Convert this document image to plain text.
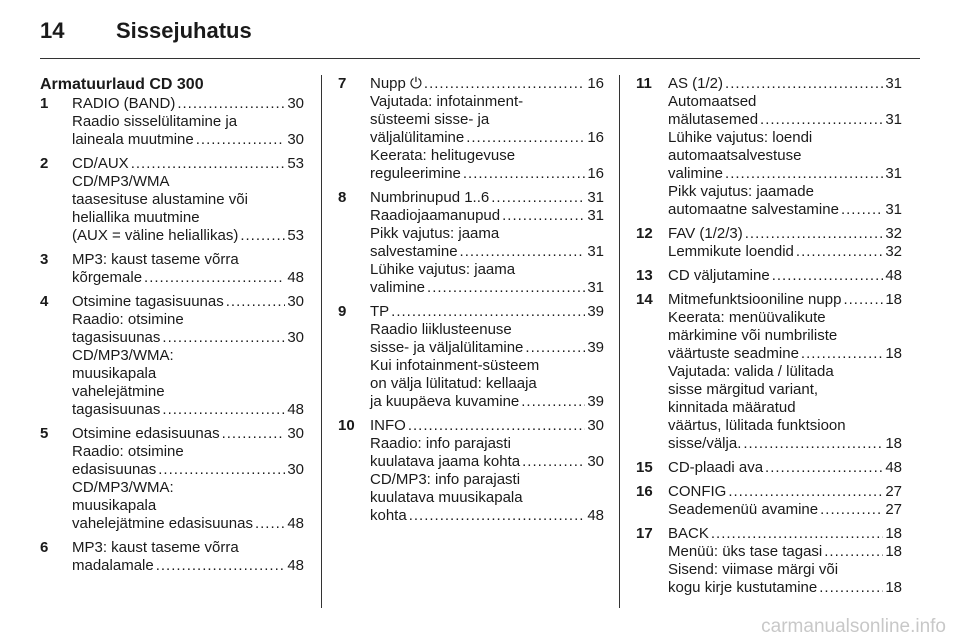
14 Sissejuhatus
Armatuurlaud CD 300
1	RADIO (BAND) .....	30
Raadio sisselülitamine ja
laineala muutmine .....	30
2	CD/AUX .....	53
CD/MP3/WMA
taasesituse alustamine või
heliallika muutmine
(AUX = väline heliallikas) .....	53
3	MP3: kaust taseme võrra
kõrgemale .....	48
4	Otsimine tagasisuunas .....	30
Raadio: otsimine
tagasisuunas .....	30
CD/MP3/WMA:
muusikapala
vahelejätmine
tagasisuunas .....	48
5	Otsimine edasisuunas .....	30
Raadio: otsimine
edasisuunas .....	30
CD/MP3/WMA:
muusikapala
vahelejätmine edasisuunas ..... 48
6	MP3: kaust taseme võrra
madalamale .....	48
7	Nupp ⏻ .....	16
Vajutada: infotainment-
süsteemi sisse- ja
väljalülitamine .....	16
Keerata: helitugevuse
reguleerimine .....	16
8	Numbrinupud 1..6 .....	31
Raadiojaamanupud .....	31
Pikk vajutus: jaama
salvestamine .....	31
Lühike vajutus: jaama
valimine .....	31
9	TP .....	39
Raadio liiklusteenuse
sisse- ja väljalülitamine .....	39
Kui infotainment-süsteem
on välja lülitatud: kellaaja
ja kuupäeva kuvamine .....	39
10	INFO .....	30
Raadio: info parajasti
kuulatava jaama kohta .....	30
CD/MP3: info parajasti
kuulatava muusikapala
kohta .....	48
11	AS (1/2) .....	31
Automaatsed
mälutasemed .....	31
Lühike vajutus: loendi
automaatsalvestuse
valimine .....	31
Pikk vajutus: jaamade
automaatne salvestamine .....	31
12	FAV (1/2/3) .....	32
Lemmikute loendid .....	32
13	CD väljutamine .....	48
14	Mitmefunktsiooniline nupp .....	18
Keerata: menüüvalikute
märkimine või numbriliste
väärtuste seadmine .....	18
Vajutada: valida / lülitada
sisse märgitud variant,
kinnitada määratud
väärtus, lülitada funktsioon
sisse/välja. .....	18
15	CD-plaadi ava .....	48
16	CONFIG .....	27
Seademenüü avamine .....	27
17	BACK .....	18
Menüü: üks tase tagasi .....	18
Sisend: viimase märgi või
kogu kirje kustutamine .....	18
carmanualsonline.info
